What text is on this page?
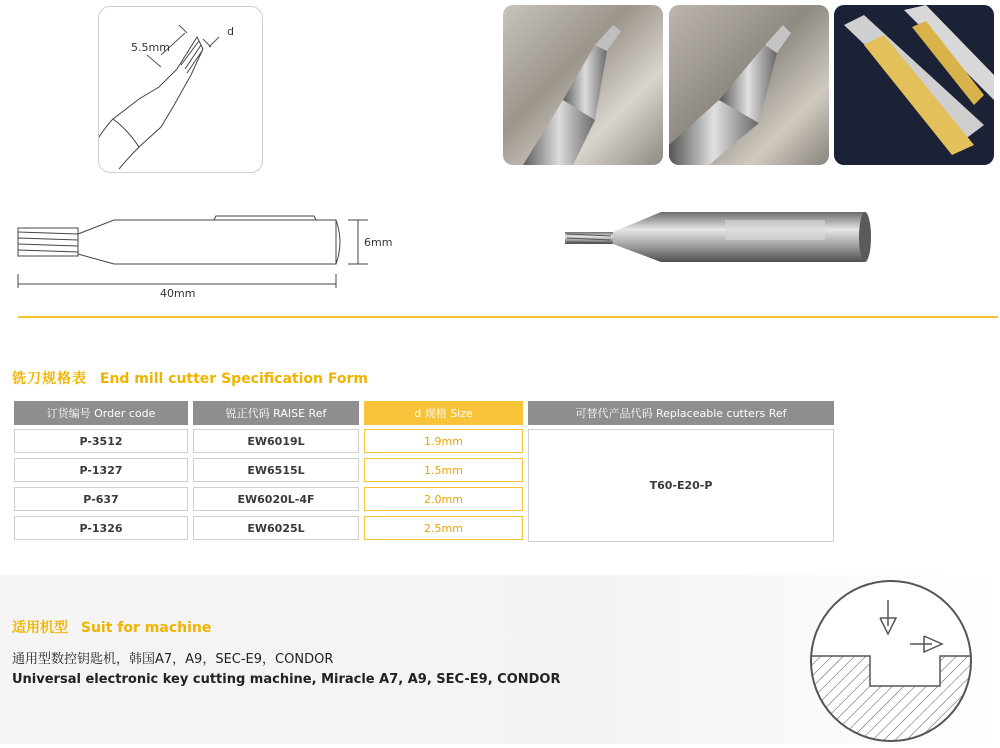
5.5mm
d
6mm
40mm
铣刀规格表 End mill cutter Specification Form
订货编号 Order code	锐正代码 RAISE Ref	d 规格 Size	可替代产品代码 Replaceable cutters Ref
P-3512	EW6019L	1.9mm
P-1327	EW6515L	1.5mm
P-637	EW6020L-4F	2.0mm
P-1326	EW6025L	2.5mm
T60-E20-P
适用机型 Suit for machine
通用型数控钥匙机，韩国A7，A9，SEC-E9，CONDOR
Universal electronic key cutting machine, Miracle A7, A9, SEC-E9, CONDOR
